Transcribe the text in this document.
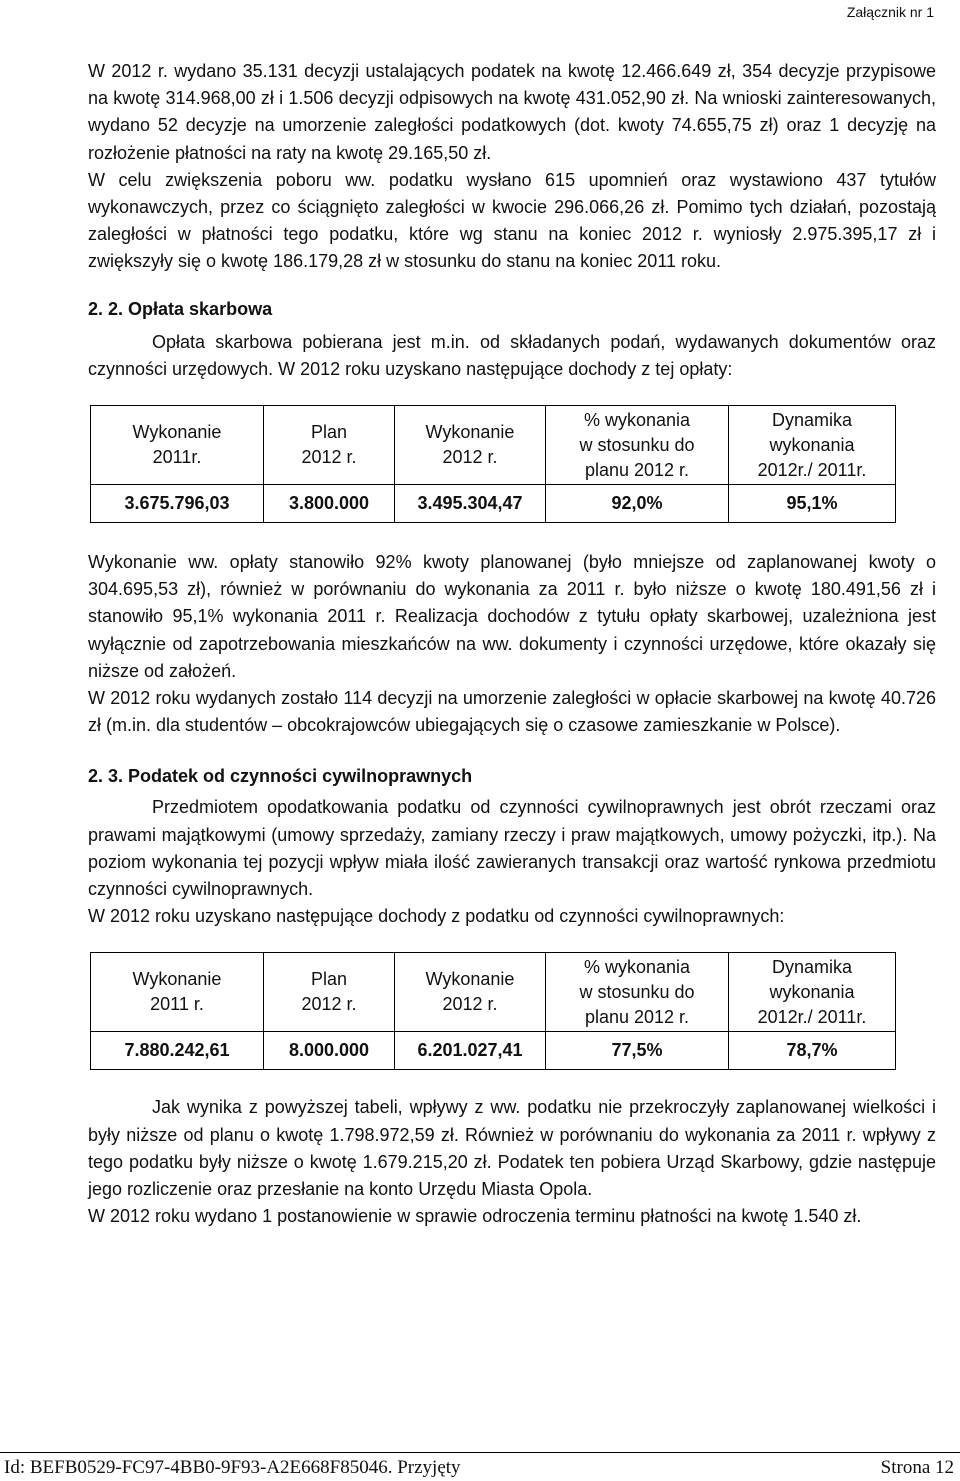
Załącznik nr 1

W 2012 r. wydano 35.131 decyzji ustalających podatek na kwotę 12.466.649 zł, 354 decyzje przypisowe na kwotę 314.968,00 zł i 1.506 decyzji odpisowych na kwotę 431.052,90 zł. Na wnioski zainteresowanych, wydano 52 decyzje na umorzenie zaległości podatkowych (dot. kwoty 74.655,75 zł) oraz 1 decyzję na rozłożenie płatności na raty na kwotę 29.165,50 zł.

W celu zwiększenia poboru ww. podatku wysłano 615 upomnień oraz wystawiono 437 tytułów wykonawczych, przez co ściągnięto zaległości w kwocie 296.066,26 zł. Pomimo tych działań, pozostają zaległości w płatności tego podatku, które wg stanu na koniec 2012 r. wyniosły 2.975.395,17 zł i zwiększyły się o kwotę 186.179,28 zł w stosunku do stanu na koniec 2011 roku.

2. 2. Opłata skarbowa

Opłata skarbowa pobierana jest m.in. od składanych podań, wydawanych dokumentów oraz czynności urzędowych. W 2012 roku uzyskano następujące dochody z tej opłaty:

Wykonanie
2011r.	Plan
2012 r.	Wykonanie
2012 r.	% wykonania
w stosunku do
planu 2012 r.	Dynamika
wykonania
2012r./ 2011r.
3.675.796,03	3.800.000	3.495.304,47	92,0%	95,1%

Wykonanie ww. opłaty stanowiło 92% kwoty planowanej (było mniejsze od zaplanowanej kwoty o 304.695,53 zł), również w porównaniu do wykonania za 2011 r. było niższe o kwotę 180.491,56 zł i stanowiło 95,1% wykonania 2011 r. Realizacja dochodów z tytułu opłaty skarbowej, uzależniona jest wyłącznie od zapotrzebowania mieszkańców na ww. dokumenty i czynności urzędowe, które okazały się niższe od założeń.

W 2012 roku wydanych zostało 114 decyzji na umorzenie zaległości w opłacie skarbowej na kwotę 40.726 zł (m.in. dla studentów – obcokrajowców ubiegających się o czasowe zamieszkanie w Polsce).

2. 3. Podatek od czynności cywilnoprawnych

Przedmiotem opodatkowania podatku od czynności cywilnoprawnych jest obrót rzeczami oraz prawami majątkowymi (umowy sprzedaży, zamiany rzeczy i praw majątkowych, umowy pożyczki, itp.). Na poziom wykonania tej pozycji wpływ miała ilość zawieranych transakcji oraz wartość rynkowa przedmiotu czynności cywilnoprawnych.

W 2012 roku uzyskano następujące dochody z podatku od czynności cywilnoprawnych:

Wykonanie
2011 r.	Plan
2012 r.	Wykonanie
2012 r.	% wykonania
w stosunku do
planu 2012 r.	Dynamika
wykonania
2012r./ 2011r.
7.880.242,61	8.000.000	6.201.027,41	77,5%	78,7%

Jak wynika z powyższej tabeli, wpływy z ww. podatku nie przekroczyły zaplanowanej wielkości i były niższe od planu o kwotę 1.798.972,59 zł. Również w porównaniu do wykonania za 2011 r. wpływy z tego podatku były niższe o kwotę 1.679.215,20 zł. Podatek ten pobiera Urząd Skarbowy, gdzie następuje jego rozliczenie oraz przesłanie na konto Urzędu Miasta Opola.

W 2012 roku wydano 1 postanowienie w sprawie odroczenia terminu płatności na kwotę 1.540 zł.

Id: BEFB0529-FC97-4BB0-9F93-A2E668F85046. Przyjęty	Strona 12
